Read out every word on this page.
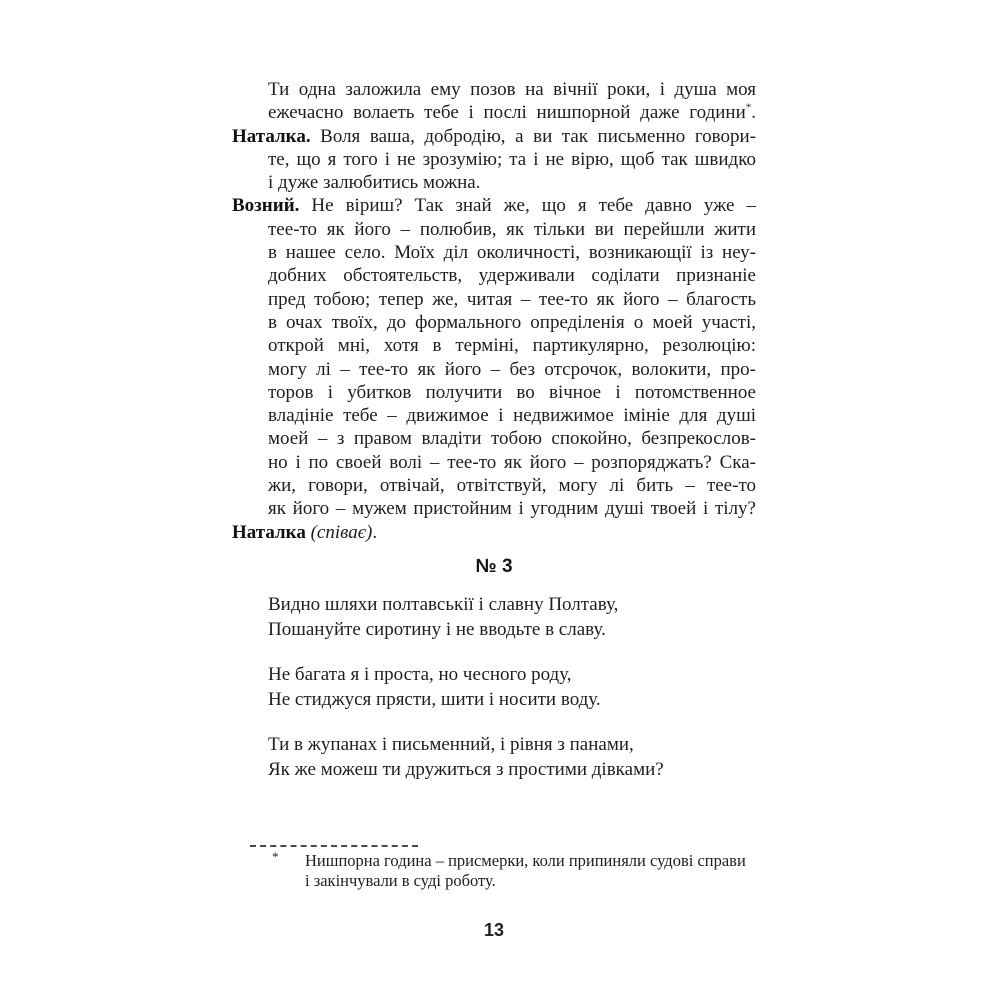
Ти одна заложила ему позов на вічнії роки, і душа моя
ежечасно волаеть тебе і послі нишпорной даже години*.
Наталка. Воля ваша, добродію, а ви так письменно говори-
те, що я того і не зрозумію; та і не вірю, щоб так швидко
і дуже залюбитись можна.
Возний. Не віриш? Так знай же, що я тебе давно уже –
тее-то як його – полюбив, як тільки ви перейшли жити
в нашее село. Моїх діл околичності, возникающії із неу-
добних обстоятельств, удерживали соділати признаніе
пред тобою; тепер же, читая – тее-то як його – благость
в очах твоїх, до формального опреділенія о моей участі,
открой мні, хотя в терміні, партикулярно, резолюцію:
могу лі – тее-то як його – без отсрочок, волокити, про-
торов і убитков получити во вічное і потомственное
владініе тебе – движимое і недвижимое імініе для душі
моей – з правом владіти тобою спокойно, безпрекослов-
но і по своей волі – тее-то як його – розпоряджать? Ска-
жи, говори, отвічай, отвітствуй, могу лі бить – тее-то
як його – мужем пристойним і угодним душі твоей і тілу?
Наталка (співає).
№ 3
Видно шляхи полтавськії і славну Полтаву,
Пошануйте сиротину і не вводьте в славу.
Не багата я і проста, но чесного роду,
Не стиджуся прясти, шити і носити воду.
Ти в жупанах і письменний, і рівня з панами,
Як же можеш ти дружиться з простими дівками?
* Нишпорна година – присмерки, коли припиняли судові справи
і закінчували в суді роботу.
13
